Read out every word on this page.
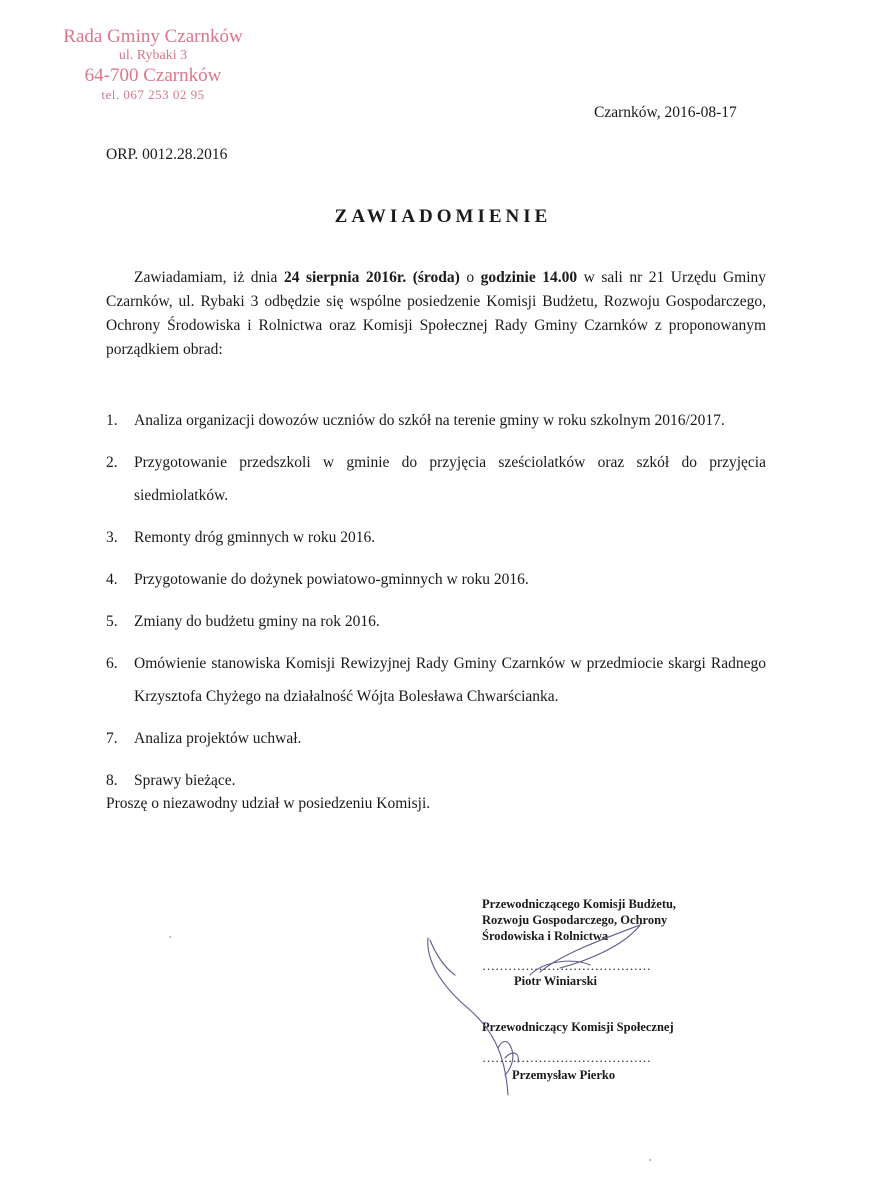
Rada Gminy Czarnków
ul. Rybaki 3
64-700 Czarnków
tel. 067 253 02 95
Czarnków, 2016-08-17
ORP. 0012.28.2016
ZAWIADOMIENIE

Zawiadamiam, iż dnia 24 sierpnia 2016r. (środa) o godzinie 14.00 w sali nr 21 Urzędu Gminy Czarnków, ul. Rybaki 3 odbędzie się wspólne posiedzenie Komisji Budżetu, Rozwoju Gospodarczego, Ochrony Środowiska i Rolnictwa oraz Komisji Społecznej Rady Gminy Czarnków z proponowanym porządkiem obrad:

1. Analiza organizacji dowozów uczniów do szkół na terenie gminy w roku szkolnym 2016/2017.
2. Przygotowanie przedszkoli w gminie do przyjęcia sześciolatków oraz szkół do przyjęcia siedmiolatków.
3. Remonty dróg gminnych w roku 2016.
4. Przygotowanie do dożynek powiatowo-gminnych w roku 2016.
5. Zmiany do budżetu gminy na rok 2016.
6. Omówienie stanowiska Komisji Rewizyjnej Rady Gminy Czarnków w przedmiocie skargi Radnego Krzysztofa Chyżego na działalność Wójta Bolesława Chwarścianka.
7. Analiza projektów uchwał.
8. Sprawy bieżące.
Proszę o niezawodny udział w posiedzeniu Komisji.
Przewodniczącego Komisji Budżetu,
Rozwoju Gospodarczego, Ochrony
Środowiska i Rolnictwa
…………………………………
Piotr Winiarski
Przewodniczący Komisji Społecznej
…………………………………
Przemysław Pierko
